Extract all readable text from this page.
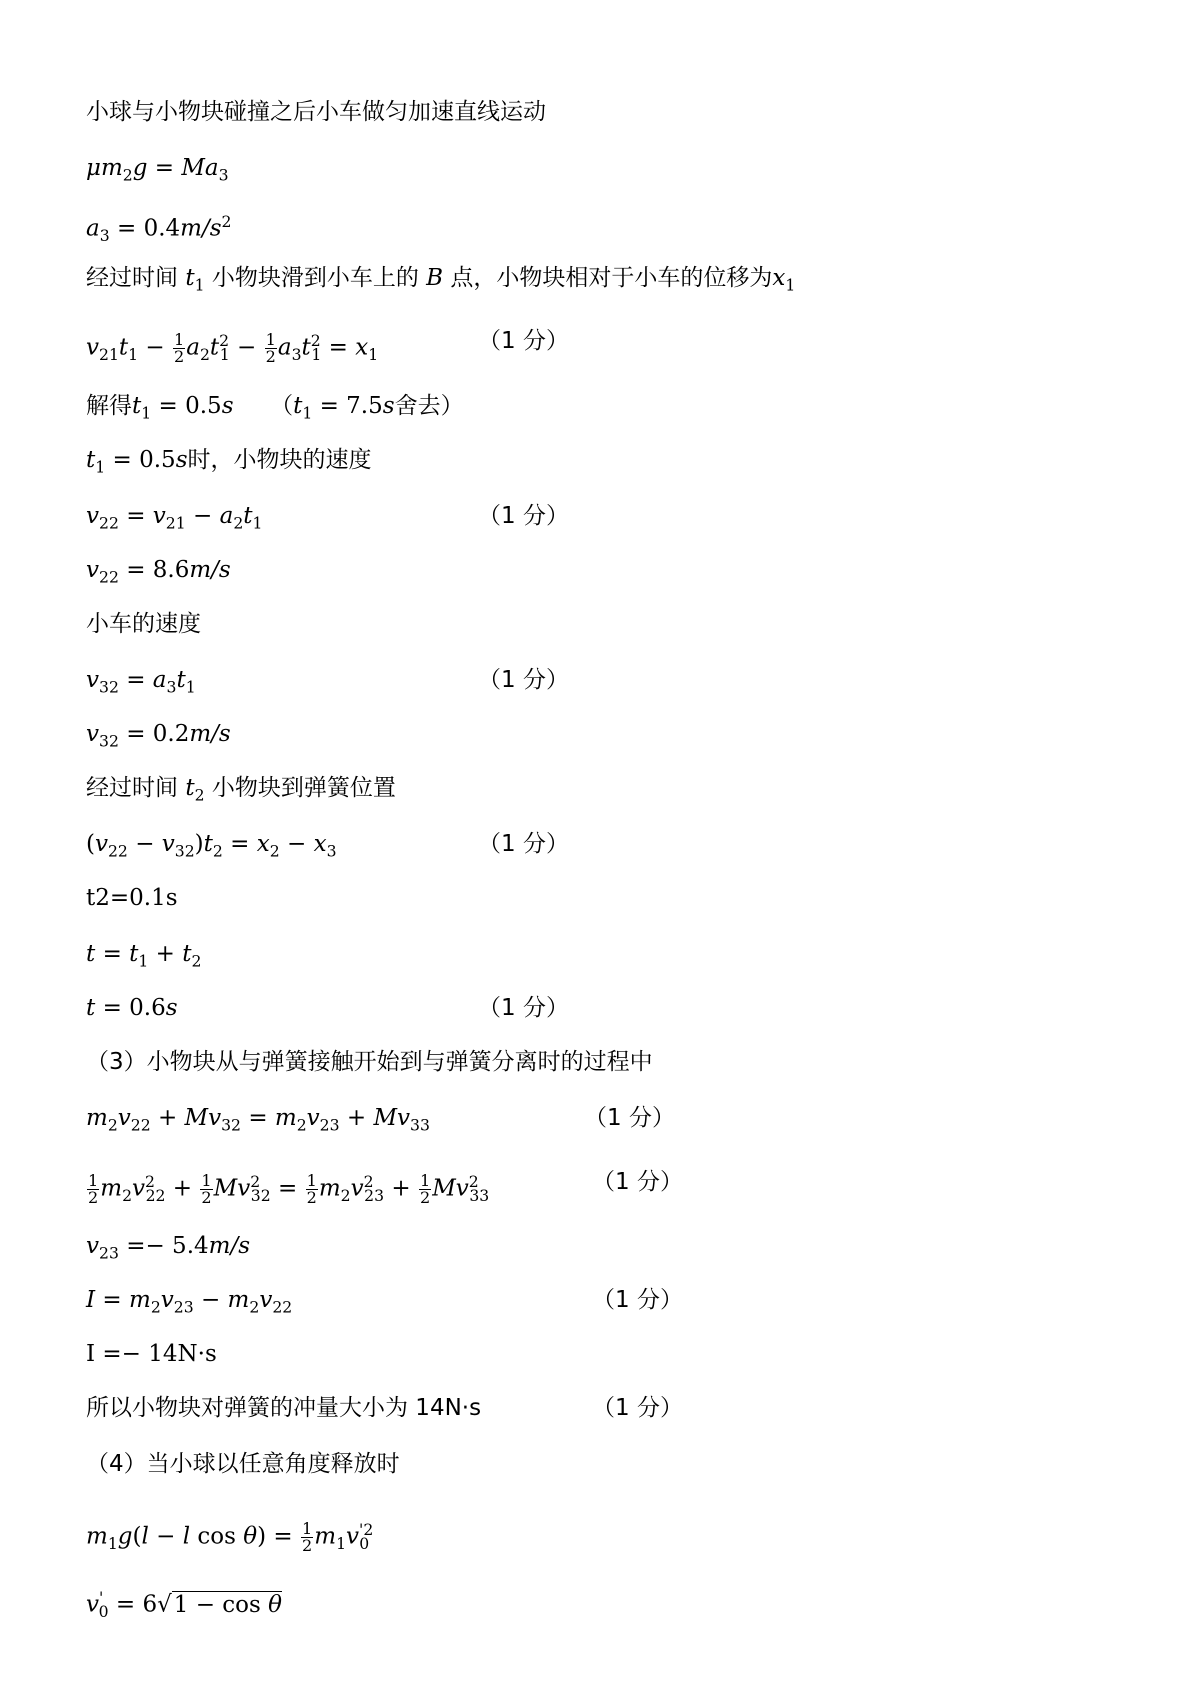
小球与小物块碰撞之后小车做匀加速直线运动
$\mu m_2g = Ma_3$
$a_3 = 0.4m/s^2$
经过时间 $t_1$ 小物块滑到小车上的 B 点，小物块相对于小车的位移为$x_1$
$v_{21}t_1 - \frac{1}{2} a_2t^2_1 - \frac{1}{2} a_3t^2_1 = x_1$
（1 分）
解得$t_1 = 0.5s$ （$t_1 = 7.5s$舍去）
$t_1 = 0.5s$时，小物块的速度
$v_{22} = v_{21} - a_2t_1$	（1 分）
$v_{22} = 8.6m/s$
小车的速度
$v_{32} = a_3t_1$	（1 分）
$v_{32} = 0.2m/s$
经过时间 $t_2$ 小物块到弹簧位置
$(v_{22} - v_{32})t_2 = x_2 - x_3$	（1 分）
t2=0.1s
$t = t_1 + t_2$
t = 0.6s	（1 分）
（3）小物块从与弹簧接触开始到与弹簧分离时的过程中
$m_2v_{22} + Mv_{32} = m_2v_{23} + Mv_{33}$	（1 分）
$\frac{1}{2} m_2v^2_{22} + \frac{1}{2} Mv^2_{32} = \frac{1}{2} m_2v^2_{23} + \frac{1}{2} Mv^2_{33}$
（1 分）
$v_{23} =- 5.4m/s$
$I = m_2v_{23} - m_2v_{22}$	（1 分）
I =− 14N·s
所以小物块对弹簧的冲量大小为 14N·s	（1 分）
（4）当小球以任意角度释放时
$m_1g(l - l$ $\cos \theta) = \frac{1}{2} m_1v^{'2}_0$
$v'_0 = 6√1 - \cos \theta$
